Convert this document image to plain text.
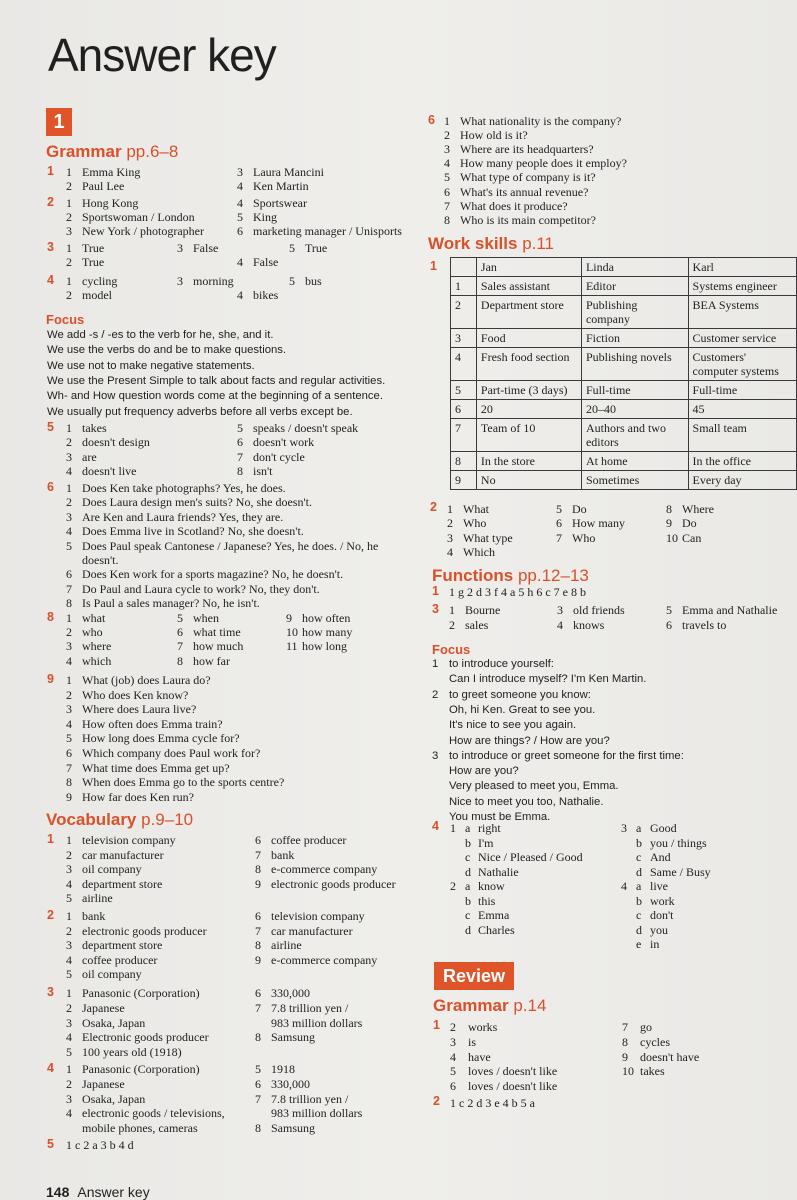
Answer key
1
Grammar pp.6–8
Focus
Vocabulary p.9–10
Work skills p.11
Functions pp.12–13
Focus
Review
Grammar p.14
	Jan	Linda	Karl
1	Sales assistant	Editor	Systems engineer
2	Department store	Publishing company	BEA Systems
3	Food	Fiction	Customer service
4	Fresh food section	Publishing novels	Customers' computer systems
5	Part-time (3 days)	Full-time	Full-time
6	20	20–40	45
7	Team of 10	Authors and two editors	Small team
8	In the store	At home	In the office
9	No	Sometimes	Every day
1 1 Emma King	3 Laura Mancini
2 Paul Lee	4 Ken Martin
2 1 Hong Kong	4 Sportswear
2 Sportswoman / London	5 King
3 New York / photographer	6 marketing manager / Unisports
3 1 True	3 False	5 True
2 True	4 False
4 1 cycling	3 morning	5 bus
2 model	4 bikes
We add -s / -es to the verb for he, she, and it.
We use the verbs do and be to make questions.
We use not to make negative statements.
We use the Present Simple to talk about facts and regular activities.
Wh- and How question words come at the beginning of a sentence.
We usually put frequency adverbs before all verbs except be.
5 1 takes	5 speaks / doesn't speak
2 doesn't design	6 doesn't work
3 are	7 don't cycle
4 doesn't live	8 isn't
6 1 Does Ken take photographs? Yes, he does.
2 Does Laura design men's suits? No, she doesn't.
3 Are Ken and Laura friends? Yes, they are.
4 Does Emma live in Scotland? No, she doesn't.
5 Does Paul speak Cantonese / Japanese? Yes, he does. / No, he
doesn't.
6 Does Ken work for a sports magazine? No, he doesn't.
7 Do Paul and Laura cycle to work? No, they don't.
8 Is Paul a sales manager? No, he isn't.
8 1 what	5 when	9 how often
2 who	6 what time	10 how many
3 where	7 how much	11 how long
4 which	8 how far
9 1 What (job) does Laura do?
2 Who does Ken know?
3 Where does Laura live?
4 How often does Emma train?
5 How long does Emma cycle for?
6 Which company does Paul work for?
7 What time does Emma get up?
8 When does Emma go to the sports centre?
9 How far does Ken run?
1 1 television company	6 coffee producer
2 car manufacturer	7 bank
3 oil company	8 e-commerce company
4 department store	9 electronic goods producer
5 airline
2 1 bank	6 television company
2 electronic goods producer	7 car manufacturer
3 department store	8 airline
4 coffee producer	9 e-commerce company
5 oil company
3 1 Panasonic (Corporation)	6 330,000
2 Japanese	7 7.8 trillion yen /
3 Osaka, Japan	983 million dollars
4 Electronic goods producer	8 Samsung
5 100 years old (1918)
4 1 Panasonic (Corporation)	5 1918
2 Japanese	6 330,000
3 Osaka, Japan	7 7.8 trillion yen /
4 electronic goods / televisions,	983 million dollars
mobile phones, cameras	8 Samsung
5 1 c 2 a 3 b 4 d
6 1 What nationality is the company?
2 How old is it?
3 Where are its headquarters?
4 How many people does it employ?
5 What type of company is it?
6 What's its annual revenue?
7 What does it produce?
8 Who is its main competitor?
1
2 1 What	5 Do	8 Where
2 Who	6 How many	9 Do
3 What type	7 Who	10 Can
4 Which
1 1 g 2 d 3 f 4 a 5 h 6 c 7 e 8 b
3 1 Bourne	3 old friends	5 Emma and Nathalie
2 sales	4 knows	6 travels to
1 to introduce yourself:
Can I introduce myself? I'm Ken Martin.
2 to greet someone you know:
Oh, hi Ken. Great to see you.
It's nice to see you again.
How are things? / How are you?
3 to introduce or greet someone for the first time:
How are you?
Very pleased to meet you, Emma.
Nice to meet you too, Nathalie.
You must be Emma.
4 1 a right
b I'm
c Nice / Pleased / Good
d Nathalie
2 a know
b this
c Emma
d Charles
3 a Good
b you / things
c And
d Same / Busy
4 a live
b work
c don't
d you
e in
1 2 works	7 go
3 is	8 cycles
4 have	9 doesn't have
5 loves / doesn't like	10 takes
6 loves / doesn't like
2 1 c 2 d 3 e 4 b 5 a
148 Answer key
